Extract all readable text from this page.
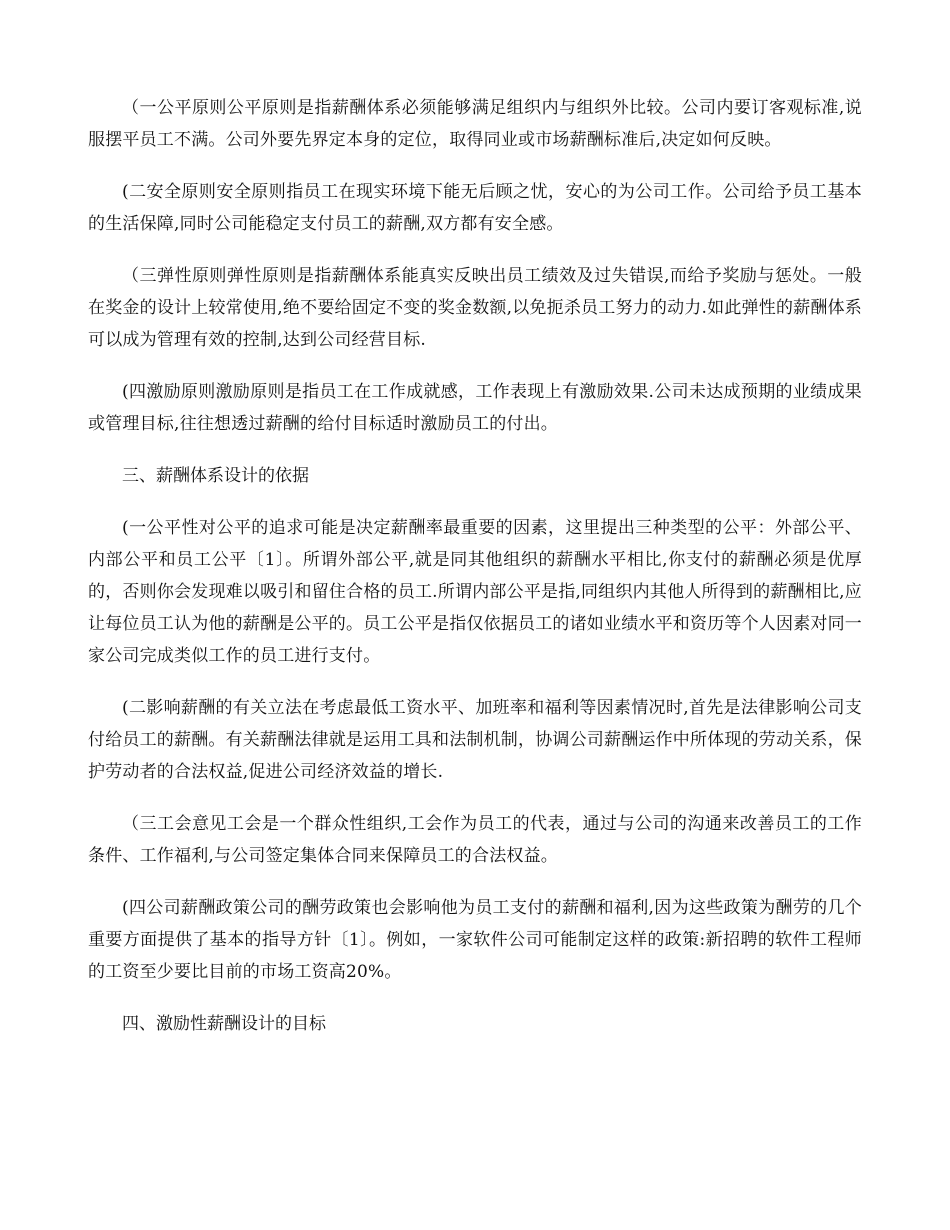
（一公平原则公平原则是指薪酬体系必须能够满足组织内与组织外比较。公司内要订客观标准,说服摆平员工不满。公司外要先界定本身的定位，取得同业或市场薪酬标准后,决定如何反映。

(二安全原则安全原则指员工在现实环境下能无后顾之忧，安心的为公司工作。公司给予员工基本的生活保障,同时公司能稳定支付员工的薪酬,双方都有安全感。

（三弹性原则弹性原则是指薪酬体系能真实反映出员工绩效及过失错误,而给予奖励与惩处。一般在奖金的设计上较常使用,绝不要给固定不变的奖金数额,以免扼杀员工努力的动力.如此弹性的薪酬体系可以成为管理有效的控制,达到公司经营目标.

(四激励原则激励原则是指员工在工作成就感，工作表现上有激励效果.公司未达成预期的业绩成果或管理目标,往往想透过薪酬的给付目标适时激励员工的付出。

三、薪酬体系设计的依据

(一公平性对公平的追求可能是决定薪酬率最重要的因素，这里提出三种类型的公平：外部公平、内部公平和员工公平〔1〕。所谓外部公平,就是同其他组织的薪酬水平相比,你支付的薪酬必须是优厚的，否则你会发现难以吸引和留住合格的员工.所谓内部公平是指,同组织内其他人所得到的薪酬相比,应让每位员工认为他的薪酬是公平的。员工公平是指仅依据员工的诸如业绩水平和资历等个人因素对同一家公司完成类似工作的员工进行支付。

(二影响薪酬的有关立法在考虑最低工资水平、加班率和福利等因素情况时,首先是法律影响公司支付给员工的薪酬。有关薪酬法律就是运用工具和法制机制，协调公司薪酬运作中所体现的劳动关系，保护劳动者的合法权益,促进公司经济效益的增长.

（三工会意见工会是一个群众性组织,工会作为员工的代表，通过与公司的沟通来改善员工的工作条件、工作福利,与公司签定集体合同来保障员工的合法权益。

(四公司薪酬政策公司的酬劳政策也会影响他为员工支付的薪酬和福利,因为这些政策为酬劳的几个重要方面提供了基本的指导方针〔1〕。例如，一家软件公司可能制定这样的政策:新招聘的软件工程师的工资至少要比目前的市场工资高20%。

四、激励性薪酬设计的目标
